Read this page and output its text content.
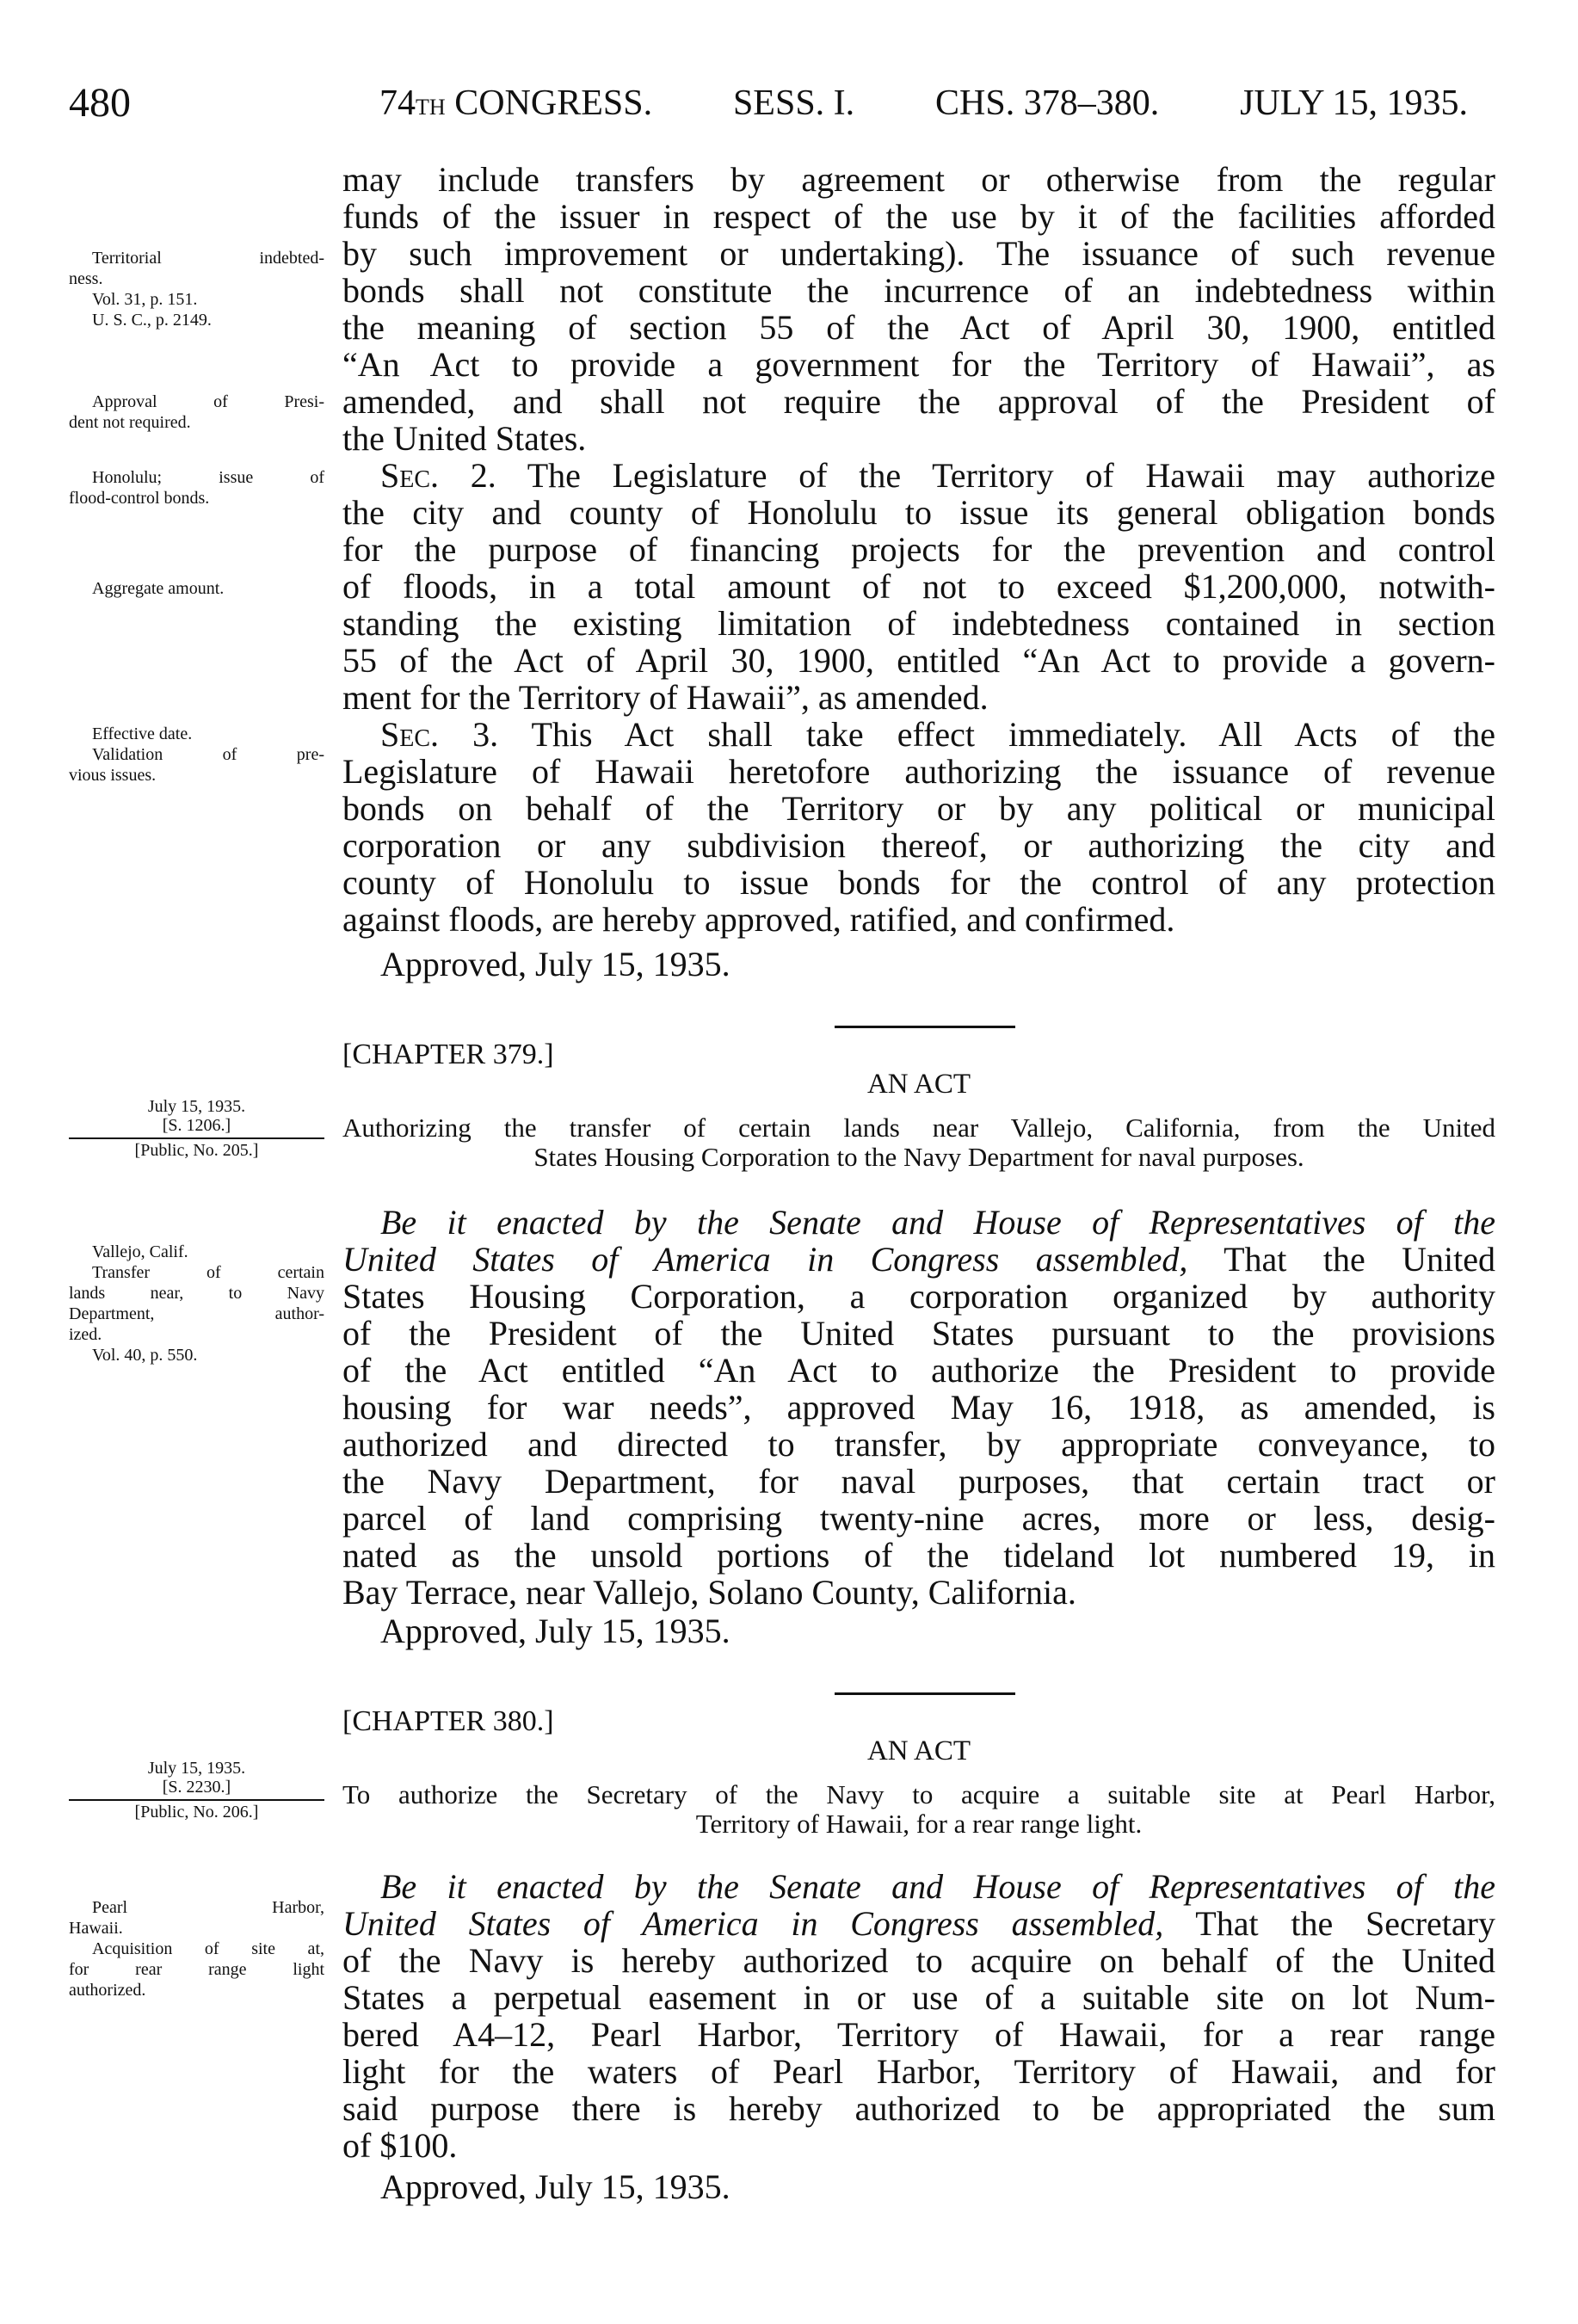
480	74TH CONGRESS. SESS. I. CHS. 378–380. JULY 15, 1935.
may include transfers by agreement or otherwise from the regular
funds of the issuer in respect of the use by it of the facilities afforded
by such improvement or undertaking). The issuance of such revenue
bonds shall not constitute the incurrence of an indebtedness within
the meaning of section 55 of the Act of April 30, 1900, entitled
“An Act to provide a government for the Territory of Hawaii”, as
amended, and shall not require the approval of the President of
the United States.
Sec. 2. The Legislature of the Territory of Hawaii may authorize
the city and county of Honolulu to issue its general obligation bonds
for the purpose of financing projects for the prevention and control
of floods, in a total amount of not to exceed $1,200,000, notwith-
standing the existing limitation of indebtedness contained in section
55 of the Act of April 30, 1900, entitled “An Act to provide a govern-
ment for the Territory of Hawaii”, as amended.
Sec. 3. This Act shall take effect immediately. All Acts of the
Legislature of Hawaii heretofore authorizing the issuance of revenue
bonds on behalf of the Territory or by any political or municipal
corporation or any subdivision thereof, or authorizing the city and
county of Honolulu to issue bonds for the control of any protection
against floods, are hereby approved, ratified, and confirmed.
Approved, July 15, 1935.
[CHAPTER 379.]
AN ACT
Authorizing the transfer of certain lands near Vallejo, California, from the United
States Housing Corporation to the Navy Department for naval purposes.
Be it enacted by the Senate and House of Representatives of the
United States of America in Congress assembled, That the United
States Housing Corporation, a corporation organized by authority
of the President of the United States pursuant to the provisions
of the Act entitled “An Act to authorize the President to provide
housing for war needs”, approved May 16, 1918, as amended, is
authorized and directed to transfer, by appropriate conveyance, to
the Navy Department, for naval purposes, that certain tract or
parcel of land comprising twenty-nine acres, more or less, desig-
nated as the unsold portions of the tideland lot numbered 19, in
Bay Terrace, near Vallejo, Solano County, California.
Approved, July 15, 1935.
[CHAPTER 380.]
AN ACT
To authorize the Secretary of the Navy to acquire a suitable site at Pearl Harbor,
Territory of Hawaii, for a rear range light.
Be it enacted by the Senate and House of Representatives of the
United States of America in Congress assembled, That the Secretary
of the Navy is hereby authorized to acquire on behalf of the United
States a perpetual easement in or use of a suitable site on lot Num-
bered A4–12, Pearl Harbor, Territory of Hawaii, for a rear range
light for the waters of Pearl Harbor, Territory of Hawaii, and for
said purpose there is hereby authorized to be appropriated the sum
of $100.
Approved, July 15, 1935.
Territorial indebted-
ness.
Vol. 31, p. 151.
U. S. C., p. 2149.
Approval of Presi-
dent not required.
Honolulu; issue of
flood-control bonds.
Aggregate amount.
Effective date.
Validation of pre-
vious issues.
July 15, 1935.
[S. 1206.]
[Public, No. 205.]
Vallejo, Calif.
Transfer of certain
lands near, to Navy
Department, author-
ized.
Vol. 40, p. 550.
July 15, 1935.
[S. 2230.]
[Public, No. 206.]
Pearl Harbor,
Hawaii.
Acquisition of site at,
for rear range light
authorized.
